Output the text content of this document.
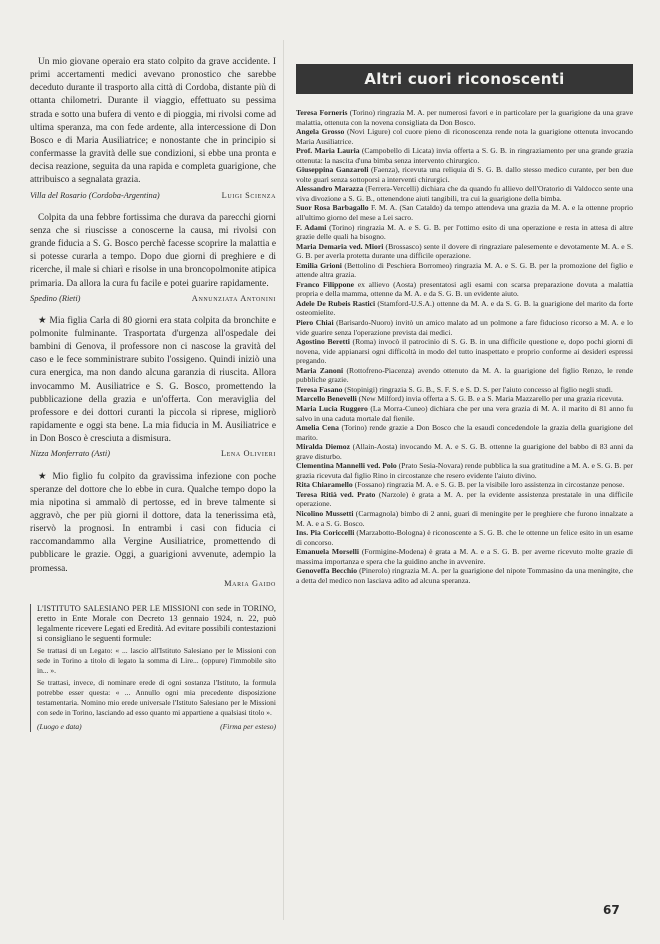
Un mio giovane operaio era stato colpito da grave accidente. I primi accertamenti medici avevano pronostico che sarebbe deceduto durante il trasporto alla città di Cordoba, distante più di ottanta chilometri. Durante il viaggio, effettuato su pessima strada e sotto una bufera di vento e di pioggia, mi rivolsi come ad ultima speranza, ma con fede ardente, alla intercessione di Don Bosco e di Maria Ausiliatrice; e nonostante che in principio si confermasse la gravità delle sue condizioni, si ebbe una pronta e decisa reazione, seguita da una rapida e completa guarigione, che attribuisco a segnalata grazia.

Villa del Rosario (Cordoba-Argentina)	Luigi Scienza

Colpita da una febbre fortissima che durava da parecchi giorni senza che si riuscisse a conoscerne la causa, mi rivolsi con grande fiducia a S. G. Bosco perchè facesse scoprire la malattia e si potesse curarla a tempo. Dopo due giorni di preghiere e di ricerche, il male si chiarì e risolse in una broncopolmonite atipica primaria. Da allora la cura fu facile e potei guarire rapidamente.

Spedino (Rieti)	Annunziata Antonini

★ Mia figlia Carla di 80 giorni era stata colpita da bronchite e polmonite fulminante. Trasportata d'urgenza all'ospedale dei bambini di Genova, il professore non ci nascose la gravità del caso e le fece somministrare subito l'ossigeno. Quindi iniziò una cura energica, ma non dando alcuna garanzia di riuscita. Allora invocammo M. Ausiliatrice e S. G. Bosco, promettendo la pubblicazione della grazia e un'offerta. Con meraviglia del professore e dei dottori curanti la piccola si riprese, migliorò rapidamente e oggi sta bene. La mia fiducia in M. Ausiliatrice e in Don Bosco è cresciuta a dismisura.

Nizza Monferrato (Asti)	Lena Olivieri

★ Mio figlio fu colpito da gravissima infezione con poche speranze del dottore che lo ebbe in cura. Qualche tempo dopo la mia nipotina si ammalò di pertosse, ed in breve talmente si aggravò, che per più giorni il dottore, data la tenerissima età, riservò la prognosi. In entrambi i casi con fiducia ci raccomandammo alla Vergine Ausiliatrice, promettendo di pubblicare le grazie. Oggi, a guarigioni avvenute, adempio la promessa.

Maria Gaido
L'ISTITUTO SALESIANO PER LE MISSIONI con sede in TORINO, eretto in Ente Morale con Decreto 13 gennaio 1924, n. 22, può legalmente ricevere Legati ed Eredità. Ad evitare possibili contestazioni si consigliano le seguenti formule:
Se trattasi di un Legato: « ... lascio all'Istituto Salesiano per le Missioni con sede in Torino a titolo di legato la somma di Lire... (oppure) l'immobile sito in... ».
Se trattasi, invece, di nominare erede di ogni sostanza l'Istituto, la formula potrebbe esser questa: « ... Annullo ogni mia precedente disposizione testamentaria. Nomino mio erede universale l'Istituto Salesiano per le Missioni con sede in Torino, lasciando ad esso quanto mi appartiene a qualsiasi titolo ».
(Luogo e data)	(Firma per esteso)
Altri cuori riconoscenti

Teresa Forneris (Torino) ringrazia M. A. per numerosi favori e in particolare per la guarigione da una grave malattia, ottenuta con la novena consigliata da Don Bosco.

Angela Grosso (Novi Ligure) col cuore pieno di riconoscenza rende nota la guarigione ottenuta invocando Maria Ausiliatrice.

Prof. Maria Lauria (Campobello di Licata) invia offerta a S. G. B. in ringraziamento per una grande grazia ottenuta: la nascita d'una bimba senza intervento chirurgico.

Giuseppina Ganzaroli (Faenza), ricevuta una reliquia di S. G. B. dallo stesso medico curante, per ben due volte guarì senza sottoporsi a interventi chirurgici.

Alessandro Marazza (Ferrera-Vercelli) dichiara che da quando fu allievo dell'Oratorio di Valdocco sente una viva divozione a S. G. B., ottenendone aiuti tangibili, tra cui la guarigione della bimba.

Suor Rosa Barbagallo F. M. A. (San Cataldo) da tempo attendeva una grazia da M. A. e la ottenne proprio all'ultimo giorno del mese a Lei sacro.

F. Adami (Torino) ringrazia M. A. e S. G. B. per l'ottimo esito di una operazione e resta in attesa di altre grazie delle quali ha bisogno.

Maria Demaria ved. Miori (Brossasco) sente il dovere di ringraziare palesemente e devotamente M. A. e S. G. B. per averla protetta durante una difficile operazione.

Emilia Grioni (Bettolino di Peschiera Borromeo) ringrazia M. A. e S. G. B. per la promozione del figlio e attende altra grazia.

Franco Filippone ex allievo (Aosta) presentatosi agli esami con scarsa preparazione dovuta a malattia propria e della mamma, ottenne da M. A. e da S. G. B. un evidente aiuto.

Adele De Rubeis Rastici (Stamford-U.S.A.) ottenne da M. A. e da S. G. B. la guarigione del marito da forte osteomielite.

Piero Chiai (Barisardo-Nuoro) invitò un amico malato ad un polmone a fare fiducioso ricorso a M. A. e lo vide guarire senza l'operazione prevista dai medici.

Agostino Beretti (Roma) invocò il patrocinio di S. G. B. in una difficile questione e, dopo pochi giorni di novena, vide appianarsi ogni difficoltà in modo del tutto inaspettato e proprio conforme ai desideri espressi pregando.

Maria Zanoni (Rottofreno-Piacenza) avendo ottenuto da M. A. la guarigione del figlio Renzo, le rende pubbliche grazie.

Teresa Fasano (Stopinigi) ringrazia S. G. B., S. F. S. e S. D. S. per l'aiuto concesso al figlio negli studi.

Marcello Benevelli (New Milford) invia offerta a S. G. B. e a S. Maria Mazzarello per una grazia ricevuta.

Maria Lucia Ruggero (La Morra-Cuneo) dichiara che per una vera grazia di M. A. il marito di 81 anno fu salvo in una caduta mortale dal fienile.

Amelia Cena (Torino) rende grazie a Don Bosco che la esaudì concedendole la grazia della guarigione del marito.

Miralda Diemoz (Allain-Aosta) invocando M. A. e S. G. B. ottenne la guarigione del babbo di 83 anni da grave disturbo.

Clementina Mannelli ved. Polo (Prato Sesia-Novara) rende pubblica la sua gratitudine a M. A. e S. G. B. per grazia ricevuta dal figlio Rino in circostanze che resero evidente l'aiuto divino.

Rita Chiaramello (Fossano) ringrazia M. A. e S. G. B. per la visibile loro assistenza in circostanze penose.

Teresa Ritià ved. Prato (Narzole) è grata a M. A. per la evidente assistenza prestatale in una difficile operazione.

Nicolino Mussetti (Carmagnola) bimbo di 2 anni, guari di meningite per le preghiere che furono innalzate a M. A. e a S. G. Bosco.

Ins. Pia Coriccelli (Marzabotto-Bologna) è riconoscente a S. G. B. che le ottenne un felice esito in un esame di concorso.

Emanuela Morselli (Formigine-Modena) è grata a M. A. e a S. G. B. per averne ricevuto molte grazie di massima importanza e spera che la guidino anche in avvenire.

Genoveffa Becchio (Pinerolo) ringrazia M. A. per la guarigione del nipote Tommasino da una meningite, che a detta del medico non lasciava adito ad alcuna speranza.

67
